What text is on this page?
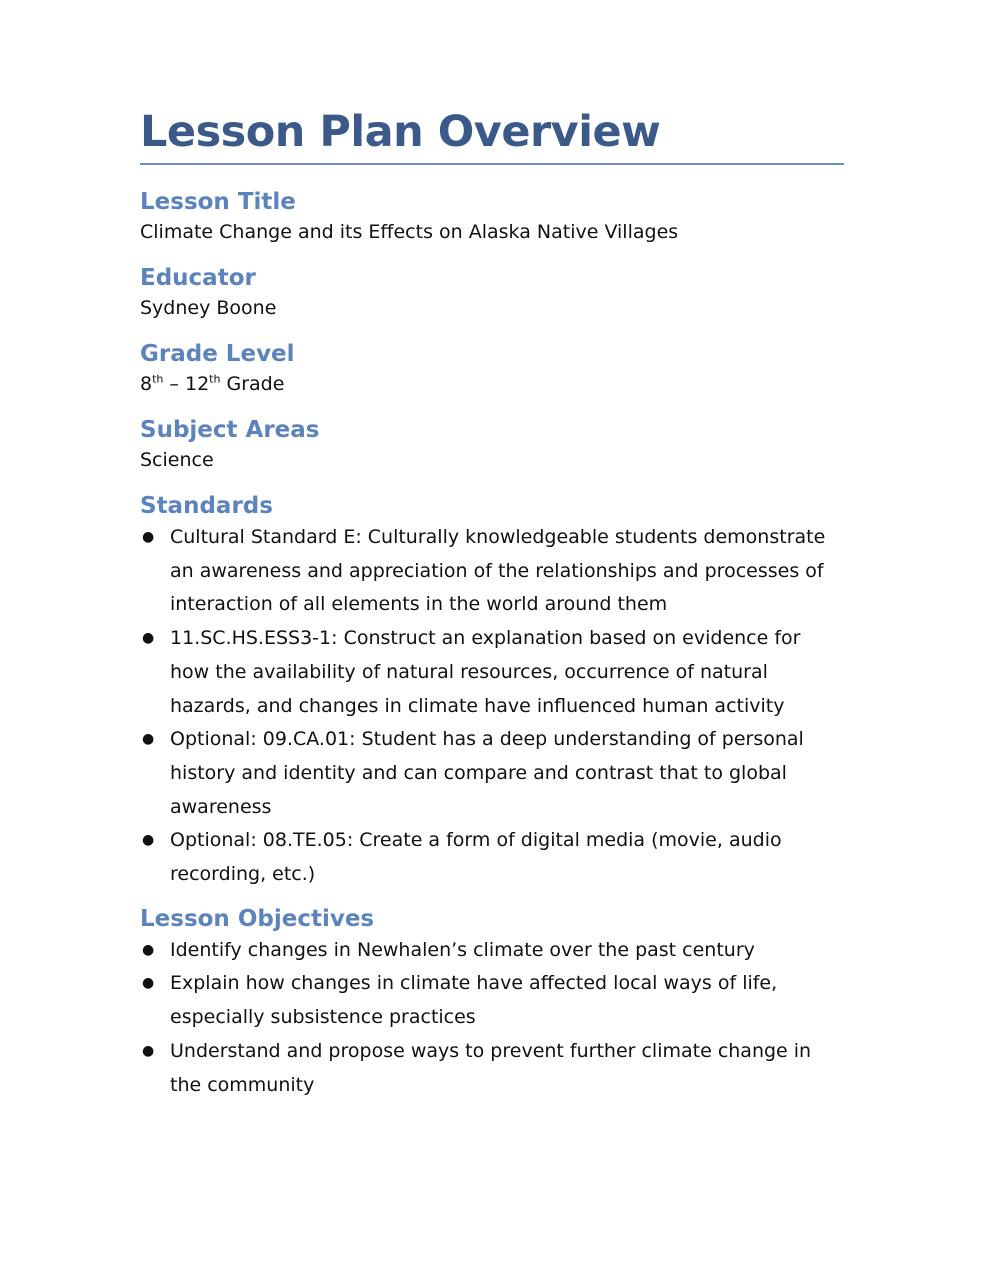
Lesson Plan Overview
Lesson Title

Climate Change and its Effects on Alaska Native Villages

Educator

Sydney Boone

Grade Level

8th – 12th Grade

Subject Areas

Science

Standards
● Cultural Standard E: Culturally knowledgeable students demonstrate an awareness and appreciation of the relationships and processes of interaction of all elements in the world around them
● 11.SC.HS.ESS3-1: Construct an explanation based on evidence for how the availability of natural resources, occurrence of natural hazards, and changes in climate have influenced human activity
● Optional: 09.CA.01: Student has a deep understanding of personal history and identity and can compare and contrast that to global awareness
● Optional: 08.TE.05: Create a form of digital media (movie, audio recording, etc.)
Lesson Objectives
● Identify changes in Newhalen’s climate over the past century
● Explain how changes in climate have affected local ways of life, especially subsistence practices
● Understand and propose ways to prevent further climate change in the community
